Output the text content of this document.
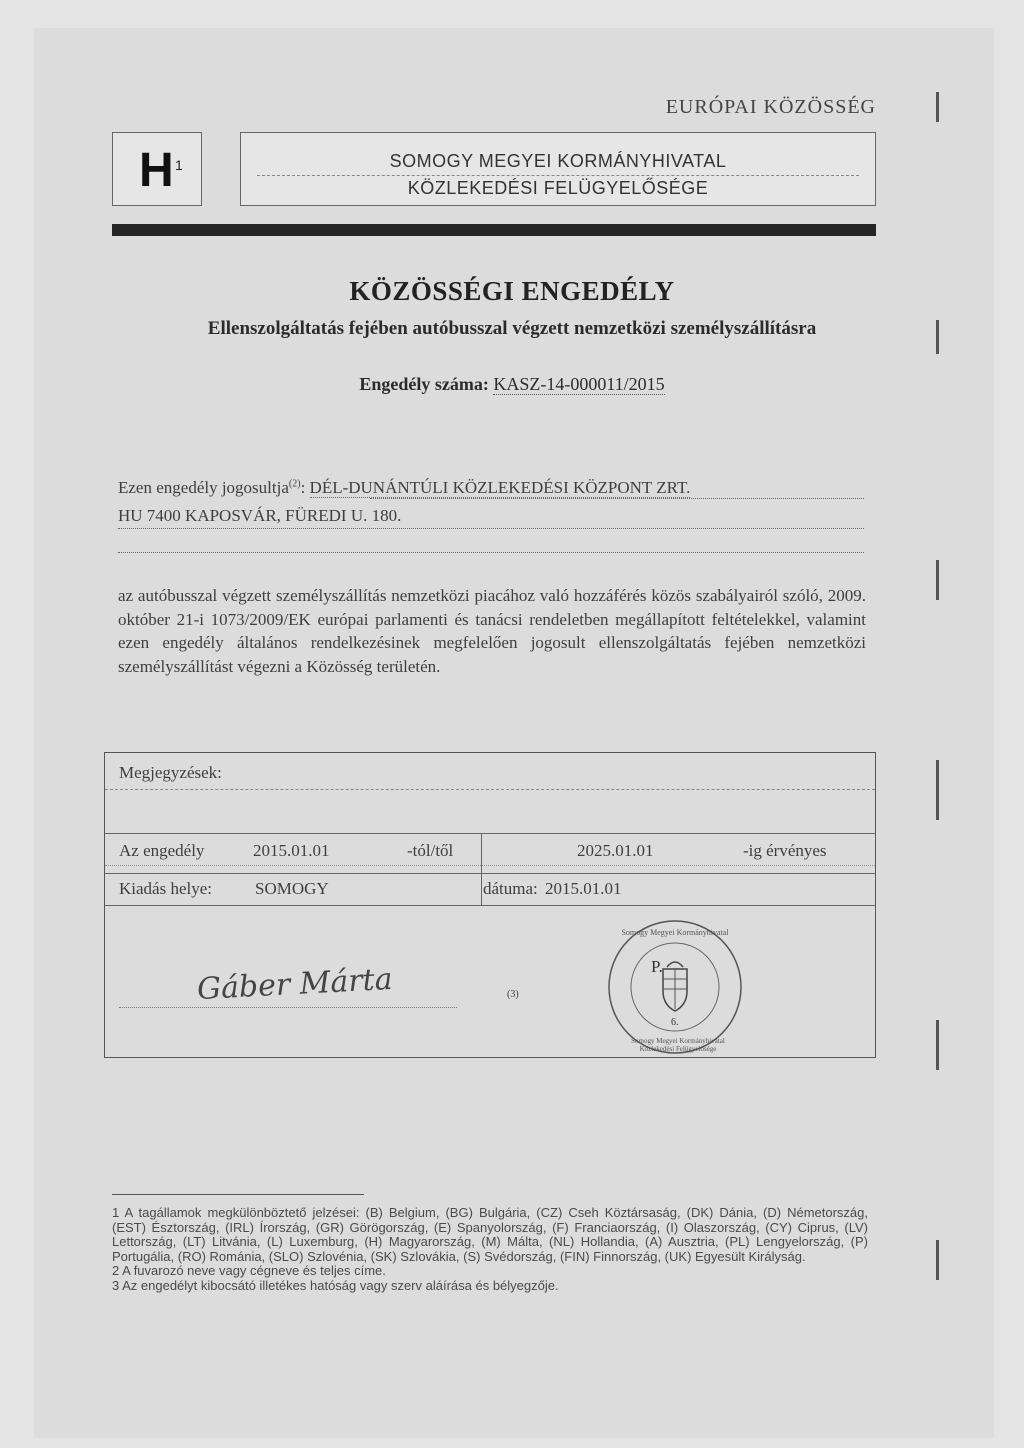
EURÓPAI KÖZÖSSÉG
H 1	SOMOGY MEGYEI KORMÁNYHIVATAL
KÖZLEKEDÉSI FELÜGYELŐSÉGE
KÖZÖSSÉGI ENGEDÉLY
Ellenszolgáltatás fejében autóbusszal végzett nemzetközi személyszállításra
Engedély száma: KASZ-14-000011/2015
Ezen engedély jogosultja$^{(2)}$: DÉL-DUNÁNTÚLI KÖZLEKEDÉSI KÖZPONT ZRT.
HU 7400 KAPOSVÁR, FÜREDI U. 180.
az autóbusszal végzett személyszállítás nemzetközi piacához való hozzáférés közös szabályairól szóló, 2009. október 21-i 1073/2009/EK európai parlamenti és tanácsi rendeletben megállapított feltételekkel, valamint ezen engedély általános rendelkezésinek megfelelően jogosult ellenszolgáltatás fejében nemzetközi személyszállítást végezni a Közösség területén.
Megjegyzések:
Az engedély	2015.01.01	-tól/től	2025.01.01	-ig érvényes
Kiadás helye:	SOMOGY	dátuma: 2015.01.01
Gáber Márta	(3)
Somogy Megyei Kormányhivatal
P.
6.
Somogy Megyei Kormányhivatal Közlekedési Felügyelősége
1 A tagállamok megkülönböztető jelzései: (B) Belgium, (BG) Bulgária, (CZ) Cseh Köztársaság, (DK) Dánia, (D) Németország, (EST) Észtország, (IRL) Írország, (GR) Görögország, (E) Spanyolország, (F) Franciaország, (I) Olaszország, (CY) Ciprus, (LV) Lettország, (LT) Litvánia, (L) Luxemburg, (H) Magyarország, (M) Málta, (NL) Hollandia, (A) Ausztria, (PL) Lengyelország, (P) Portugália, (RO) Románia, (SLO) Szlovénia, (SK) Szlovákia, (S) Svédország, (FIN) Finnország, (UK) Egyesült Királyság.
2 A fuvarozó neve vagy cégneve és teljes címe.
3 Az engedélyt kibocsátó illetékes hatóság vagy szerv aláírása és bélyegzője.
